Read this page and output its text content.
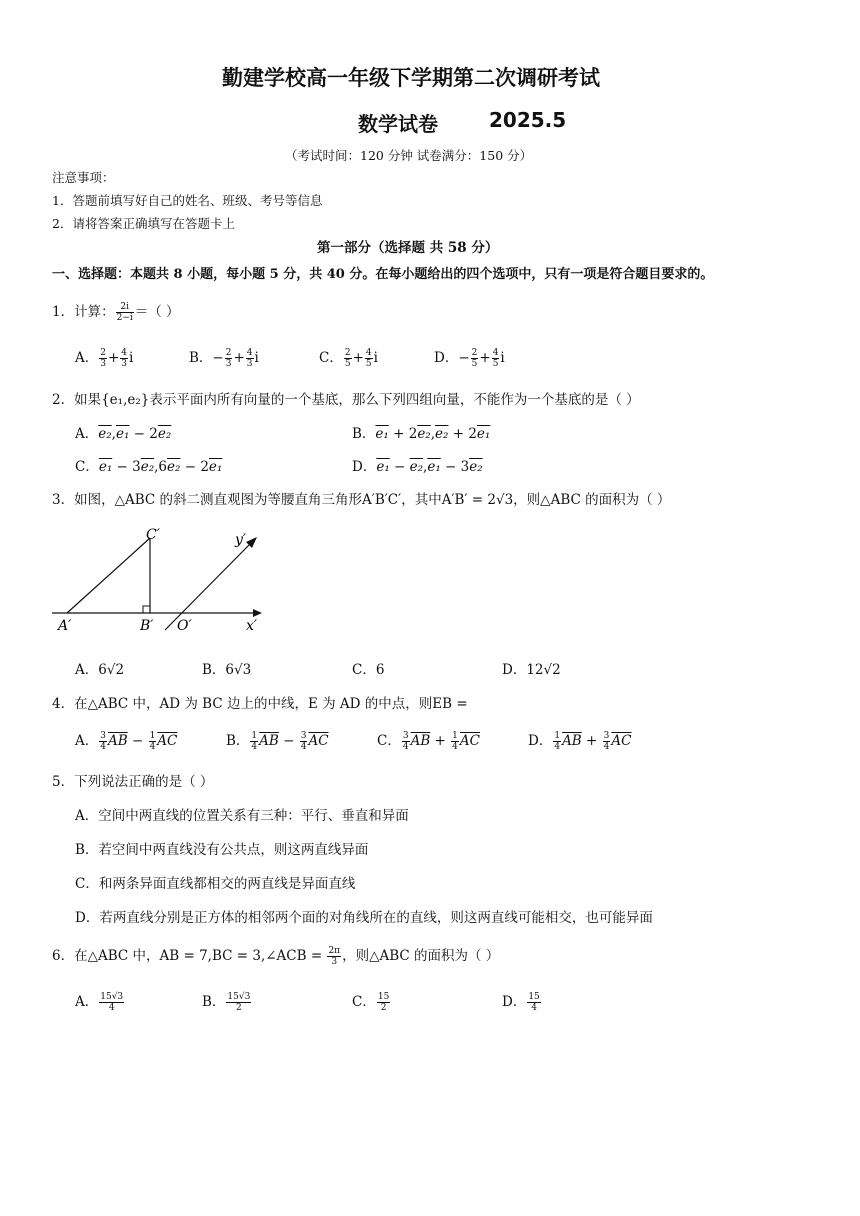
勤建学校高一年级下学期第二次调研考试
数学试卷	2025.5
（考试时间：120 分钟 试卷满分：150 分）
注意事项：
1．答题前填写好自己的姓名、班级、考号等信息
2．请将答案正确填写在答题卡上
第一部分（选择题 共 58 分）
一、选择题：本题共 8 小题，每小题 5 分，共 40 分。在每小题给出的四个选项中，只有一项是符合题目要求的。
1．计算： $\frac{2i}{2-i}$ ＝（ ）
A． $\frac{2}{3} + \frac{4}{3}$ i	B．− $\frac{2}{3} + \frac{4}{3}$ i	C． $\frac{2}{5} + \frac{4}{5}$ i	D．− $\frac{2}{5} + \frac{4}{5}$ i
2．如果{e₁,e₂}表示平面内所有向量的一个基底，那么下列四组向量，不能作为一个基底的是（ ）
A．e₂,e₁ − 2e₂	B．e₁ + 2e₂,e₂ + 2e₁
C．e₁ − 3e₂,6e₂ − 2e₁	D．e₁ − e₂,e₁ − 3e₂
3．如图，△ABC 的斜二测直观图为等腰直角三角形A′B′C′，其中A′B′ = 2√3，则△ABC 的面积为（ ）
C′	y′
A′	B′ O′	x′
A．6√2	B．6√3	C．6	D．12√2
4．在△ABC 中，AD 为 BC 边上的中线，E 为 AD 的中点，则EB =
A． $\frac{3}{4} \overline{AB} - \frac{1}{4} \overline{AC}$	B． $\frac{1}{4} \overline{AB} - \frac{3}{4} \overline{AC}$	C． $\frac{3}{4} \overline{AB} + \frac{1}{4} \overline{AC}$	D． $\frac{1}{4} \overline{AB} + \frac{3}{4} \overline{AC}$
5．下列说法正确的是（ ）
A．空间中两直线的位置关系有三种：平行、垂直和异面
B．若空间中两直线没有公共点，则这两直线异面
C．和两条异面直线都相交的两直线是异面直线
D．若两直线分别是正方体的相邻两个面的对角线所在的直线，则这两直线可能相交，也可能异面
6．在△ABC 中，AB = 7,BC = 3,∠ACB = $\frac{2\pi}{3}$ ，则△ABC 的面积为（ ）
A． $\frac{15√3}{4}$	B． $\frac{15√3}{2}$	C． $\frac{15}{2}$	D． $\frac{15}{4}$
